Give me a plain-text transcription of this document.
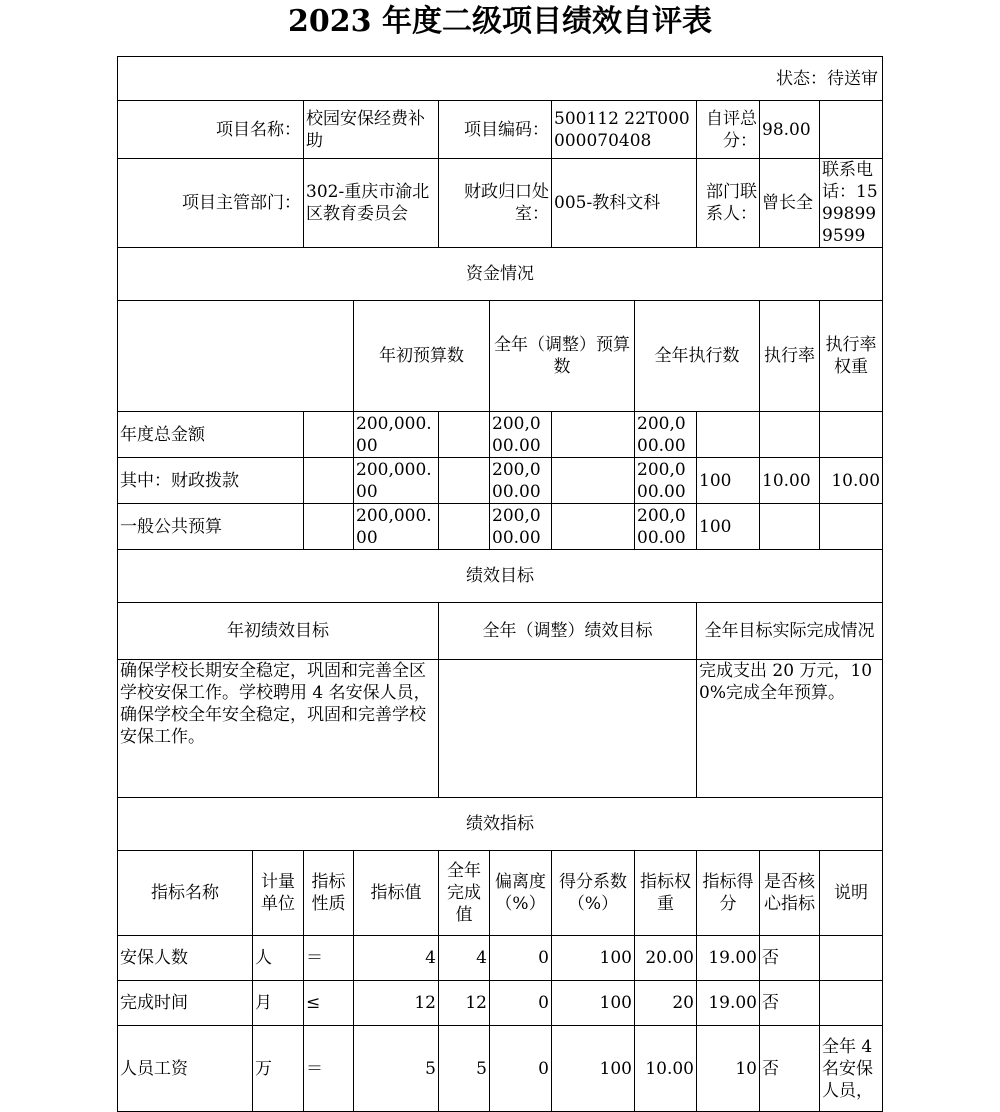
2023 年度二级项目绩效自评表
状态：待送审											
项目名称：		校园安保经费补助		项目编码：		500112 22T000000070408		自评总分：	98.00		
项目主管部门：		302-重庆市渝北区教育委员会		财政归口处室：		005-教科文科		部门联系人：	曾长全	联系电话：15998999599	
资金情况											
			年初预算数		全年（调整）预算数		全年执行数		执行率	执行率权重	
年度总金额			200,000.00		200,000.00		200,000.00				
其中：财政拨款			200,000.00		200,000.00		200,000.00	100	10.00	10.00	
一般公共预算			200,000.00		200,000.00		200,000.00	100			
绩效目标											
年初绩效目标				全年（调整）绩效目标				全年目标实际完成情况			
确保学校长期安全稳定，巩固和完善全区学校安保工作。学校聘用 4 名安保人员，确保学校全年安全稳定，巩固和完善学校安保工作。								完成支出 20 万元，100%完成全年预算。			
绩效指标											
指标名称	计量单位	指标性质	指标值	全年完成值	偏离度（%）	得分系数（%）	指标权重	指标得分	是否核心指标	说明	
安保人数	人	＝	4	4	0	100	20.00	19.00	否		
完成时间	月	≤	12	12	0	100	20	19.00	否		
人员工资	万	＝	5	5	0	100	10.00	10	否	全年 4 名安保人员，	
